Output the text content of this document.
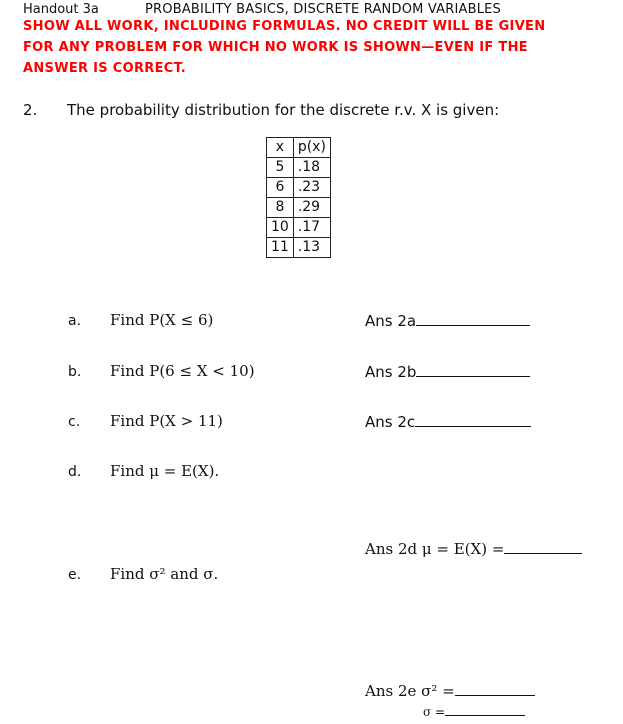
Handout 3a	PROBABILITY BASICS, DISCRETE RANDOM VARIABLES
SHOW ALL WORK, INCLUDING FORMULAS. NO CREDIT WILL BE GIVEN
FOR ANY PROBLEM FOR WHICH NO WORK IS SHOWN—EVEN IF THE
ANSWER IS CORRECT.
2. The probability distribution for the discrete r.v. X is given:
x	p(x)
5	.18
6	.23
8	.29
10	.17
11	.13
a. Find P(X ≤ 6)	Ans 2a
b. Find P(6 ≤ X < 10)	Ans 2b
c. Find P(X > 11)	Ans 2c
d. Find μ = E(X).
Ans 2d μ = E(X) =
e. Find σ² and σ.
Ans 2e σ² =
σ =
